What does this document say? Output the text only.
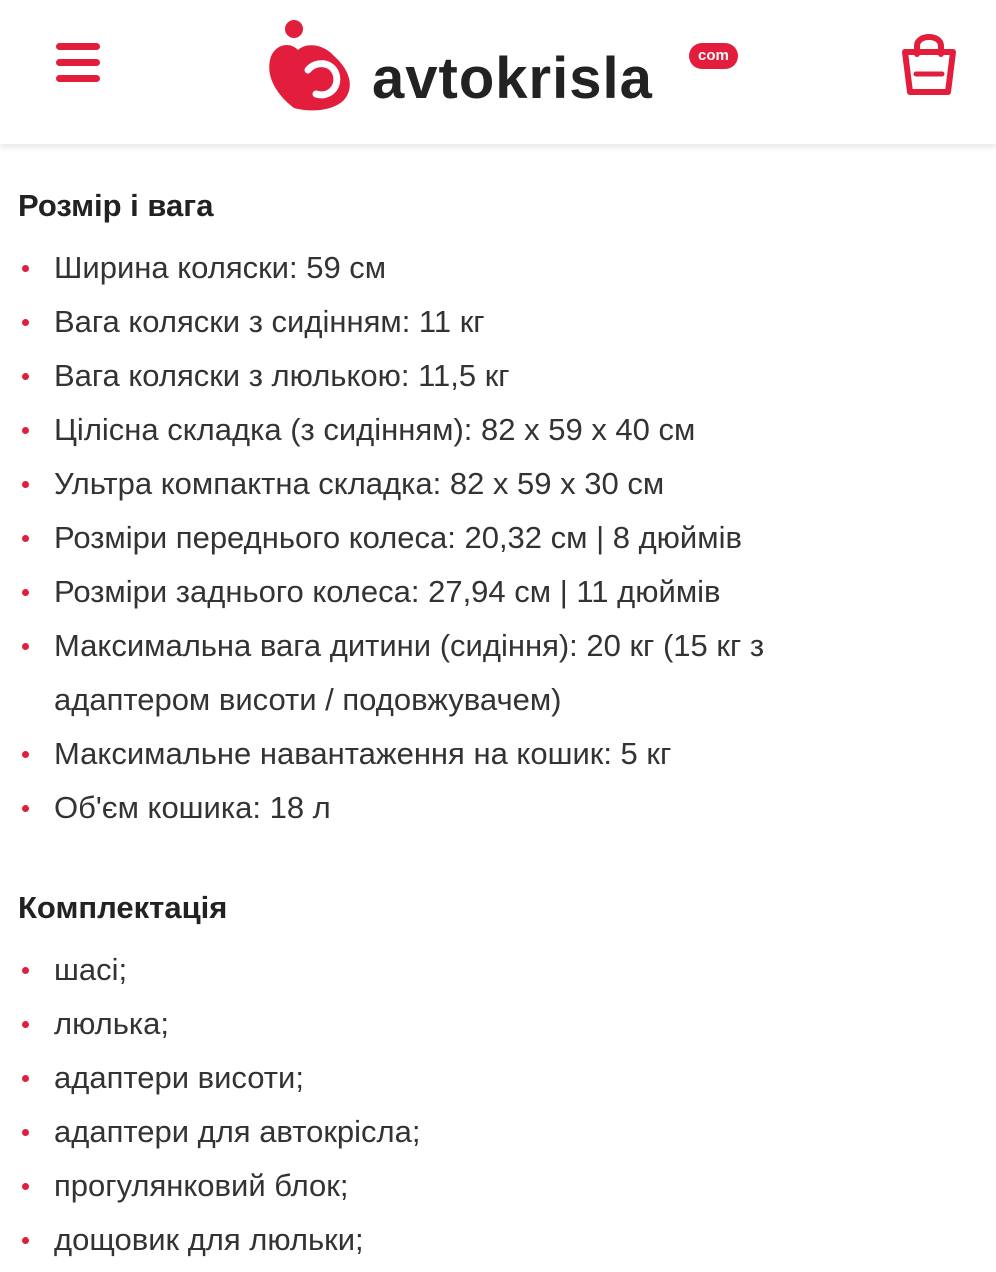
avtokrisla	com
Розмір і вага
Ширина коляски: 59 см
Вага коляски з сидінням: 11 кг
Вага коляски з люлькою: 11,5 кг
Цілісна складка (з сидінням): 82 х 59 х 40 см
Ультра компактна складка: 82 х 59 х 30 см
Розміри переднього колеса: 20,32 см | 8 дюймів
Розміри заднього колеса: 27,94 см | 11 дюймів
Максимальна вага дитини (сидіння): 20 кг (15 кг з адаптером висоти / подовжувачем)
Максимальне навантаження на кошик: 5 кг
Об'єм кошика: 18 л
Комплектація
шасі;
люлька;
адаптери висоти;
адаптери для автокрісла;
прогулянковий блок;
дощовик для люльки;
